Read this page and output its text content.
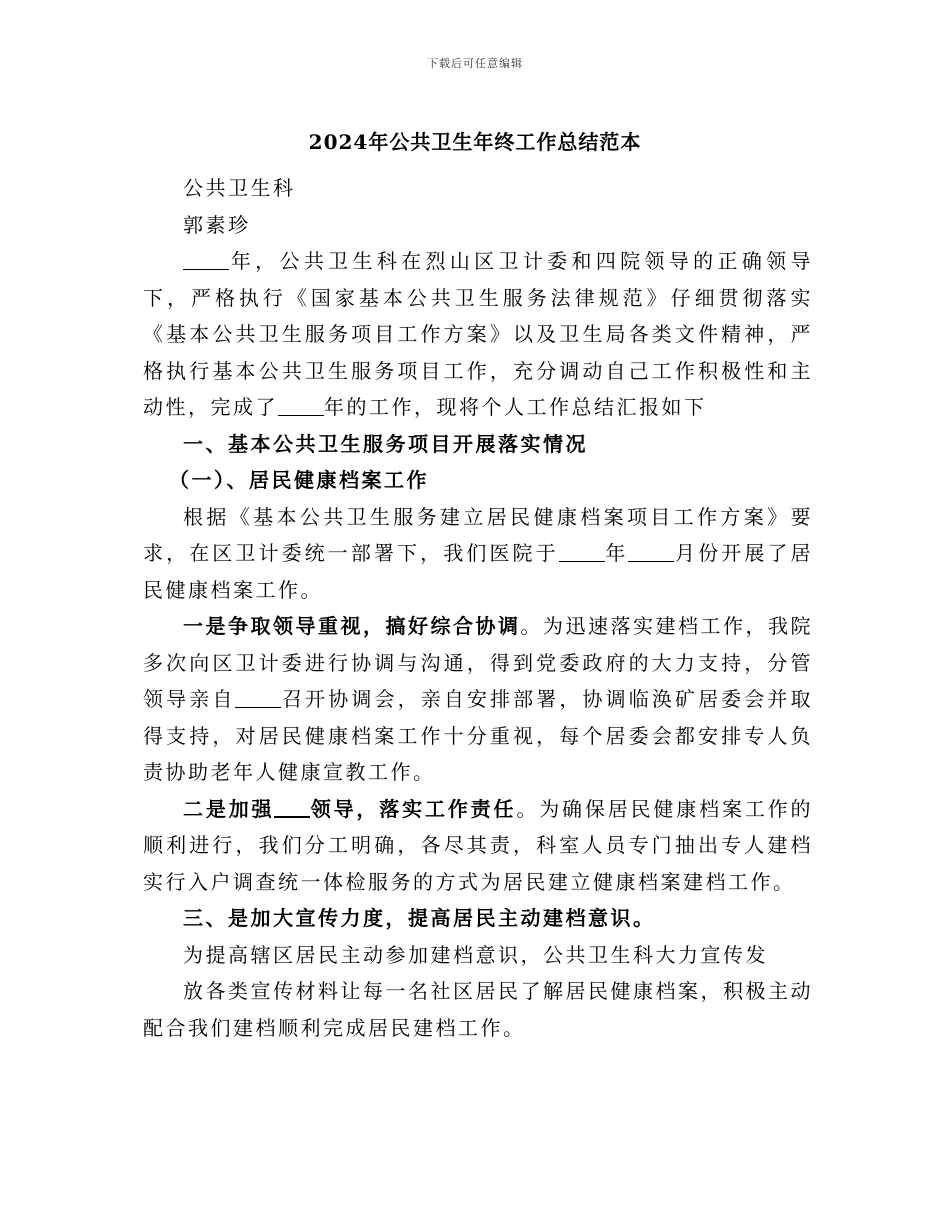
下载后可任意编辑
2024年公共卫生年终工作总结范本

公共卫生科

郭素珍

年，公共卫生科在烈山区卫计委和四院领导的正确领导下，严格执行《国家基本公共卫生服务法律规范》仔细贯彻落实《基本公共卫生服务项目工作方案》以及卫生局各类文件精神，严格执行基本公共卫生服务项目工作，充分调动自己工作积极性和主动性，完成了 年的工作，现将个人工作总结汇报如下

一、基本公共卫生服务项目开展落实情况

（一）、居民健康档案工作

根据《基本公共卫生服务建立居民健康档案项目工作方案》要求，在区卫计委统一部署下，我们医院于 年 月份开展了居民健康档案工作。

一是争取领导重视，搞好综合协调。为迅速落实建档工作，我院多次向区卫计委进行协调与沟通，得到党委政府的大力支持，分管领导亲自 召开协调会，亲自安排部署，协调临涣矿居委会并取得支持，对居民健康档案工作十分重视，每个居委会都安排专人负责协助老年人健康宣教工作。

二是加强 领导，落实工作责任。为确保居民健康档案工作的顺利进行，我们分工明确，各尽其责，科室人员专门抽出专人建档实行入户调查统一体检服务的方式为居民建立健康档案建档工作。

三、是加大宣传力度，提高居民主动建档意识。

为提高辖区居民主动参加建档意识，公共卫生科大力宣传发

放各类宣传材料让每一名社区居民了解居民健康档案，积极主动配合我们建档顺利完成居民建档工作。
